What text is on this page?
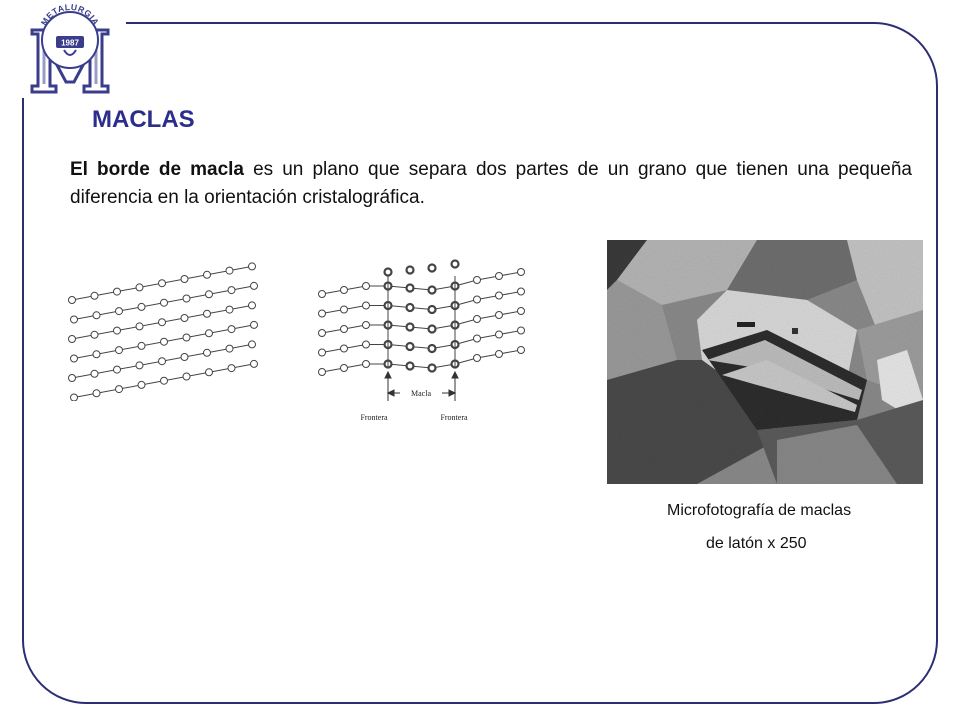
METALURGIA
1987
MACLAS
El borde de macla es un plano que separa dos partes de un grano que tienen una pequeña diferencia en la orientación cristalográfica.
Macla
Frontera	Frontera
Microfotografía de maclas
de latón x 250
